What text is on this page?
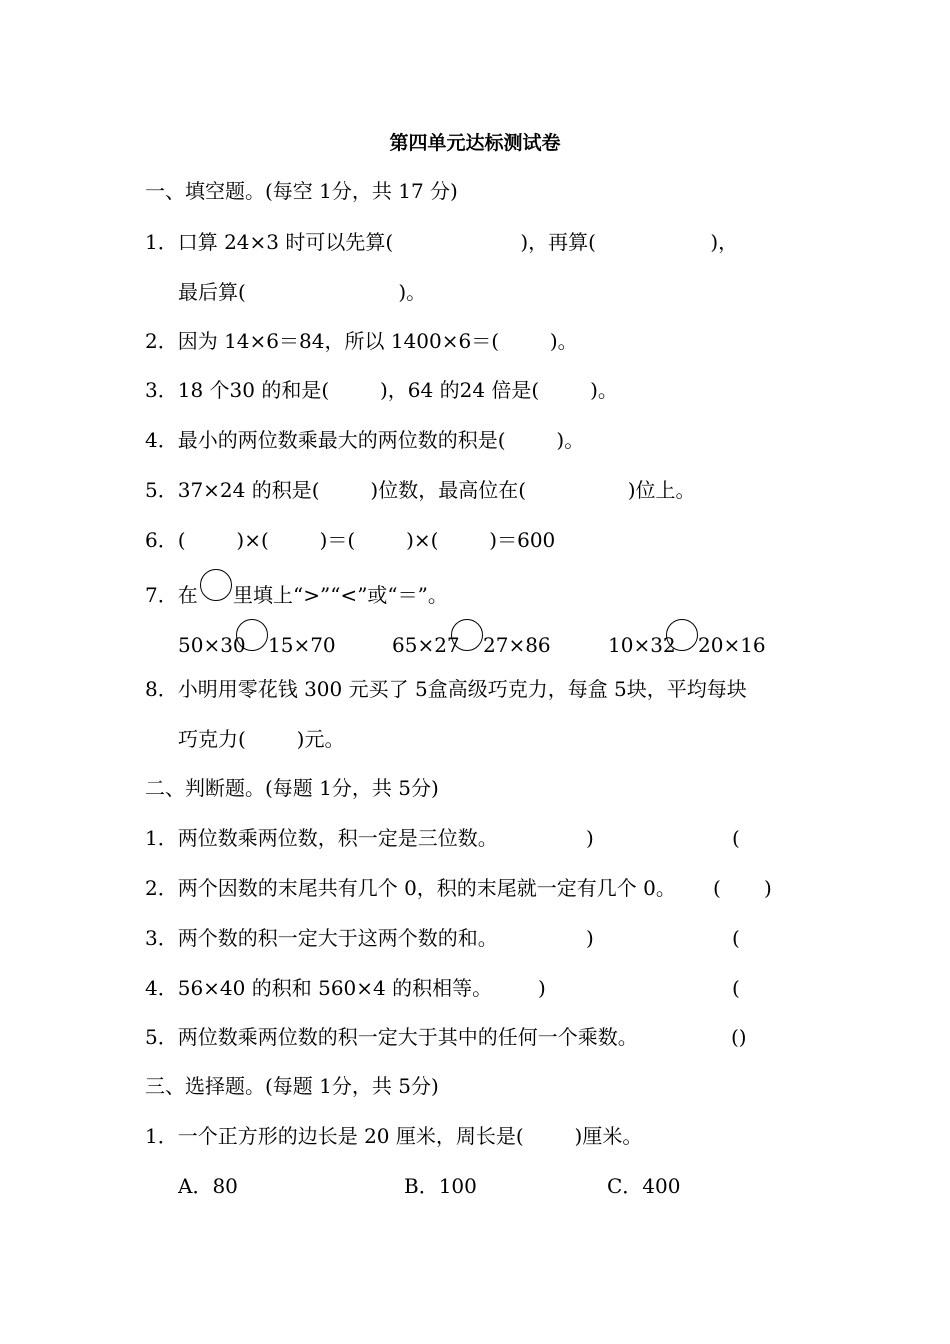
第四单元达标测试卷
一、填空题。(每空 1分，共 17 分)
1．口算 24×3 时可以先算(                    )，再算(                  )，
最后算(                        )。
2．因为 14×6＝84，所以 1400×6＝(        )。
3．18 个30 的和是(        )，64 的24 倍是(        )。
4．最小的两位数乘最大的两位数的积是(        )。
5．37×24 的积是(        )位数，最高位在(                )位上。
6．(        )×(        )＝(        )×(        )＝600
7．在 里填上“>”“<”或“＝”。
50×30 15×70	65×27 27×86	10×32 20×16
8．小明用零花钱 300 元买了 5盒高级巧克力，每盒 5块，平均每块
巧克力(        )元。
二、判断题。(每题 1分，共 5分)
1．两位数乘两位数，积一定是三位数。	)	(
2．两个因数的末尾共有几个 0，积的末尾就一定有几个 0。 ( )
3．两个数的积一定大于这两个数的和。	)	(
4．56×40 的积和 560×4 的积相等。 )	(
5．两位数乘两位数的积一定大于其中的任何一个乘数。	()
三、选择题。(每题 1分，共 5分)
1．一个正方形的边长是 20 厘米，周长是(        )厘米。
A．80	B．100	C．400
